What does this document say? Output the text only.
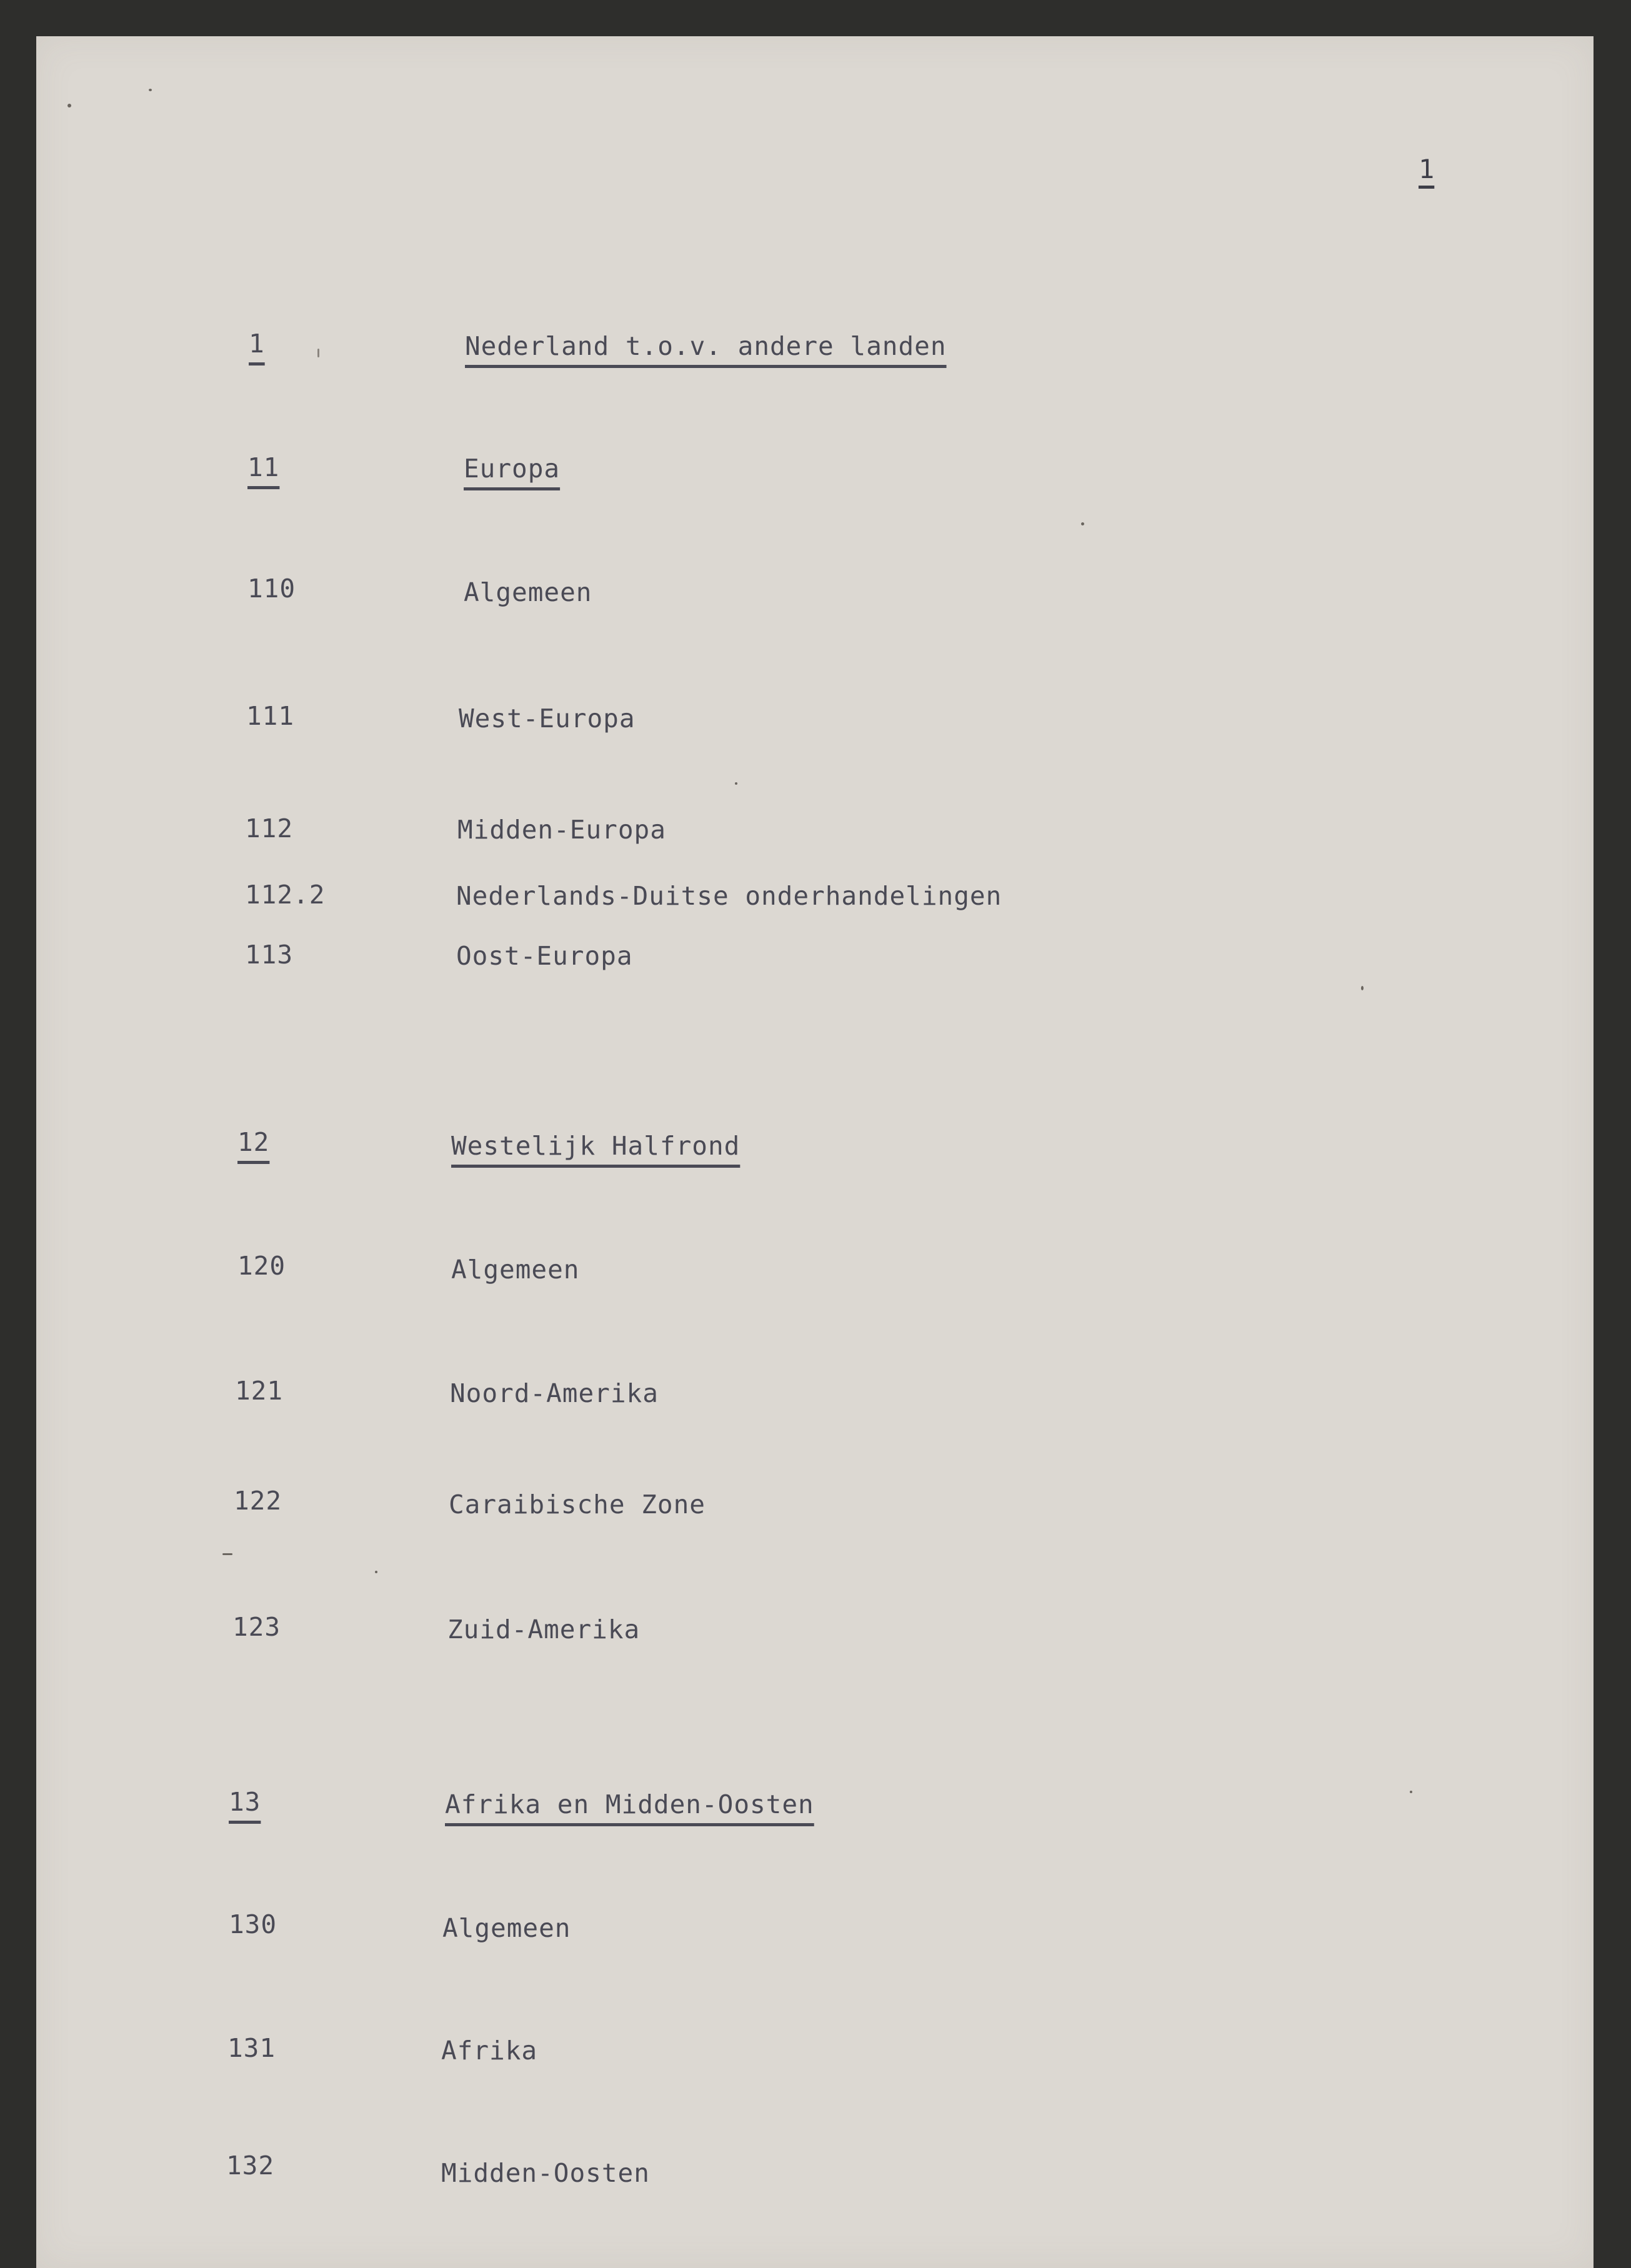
1
1	Nederland t.o.v. andere landen
11	Europa
110	Algemeen
111	West-Europa
112	Midden-Europa
112.2	Nederlands-Duitse onderhandelingen
113	Oost-Europa
12	Westelijk Halfrond
120	Algemeen
121	Noord-Amerika
122	Caraibische Zone
123	Zuid-Amerika
13	Afrika en Midden-Oosten
130	Algemeen
131	Afrika
132	Midden-Oosten
